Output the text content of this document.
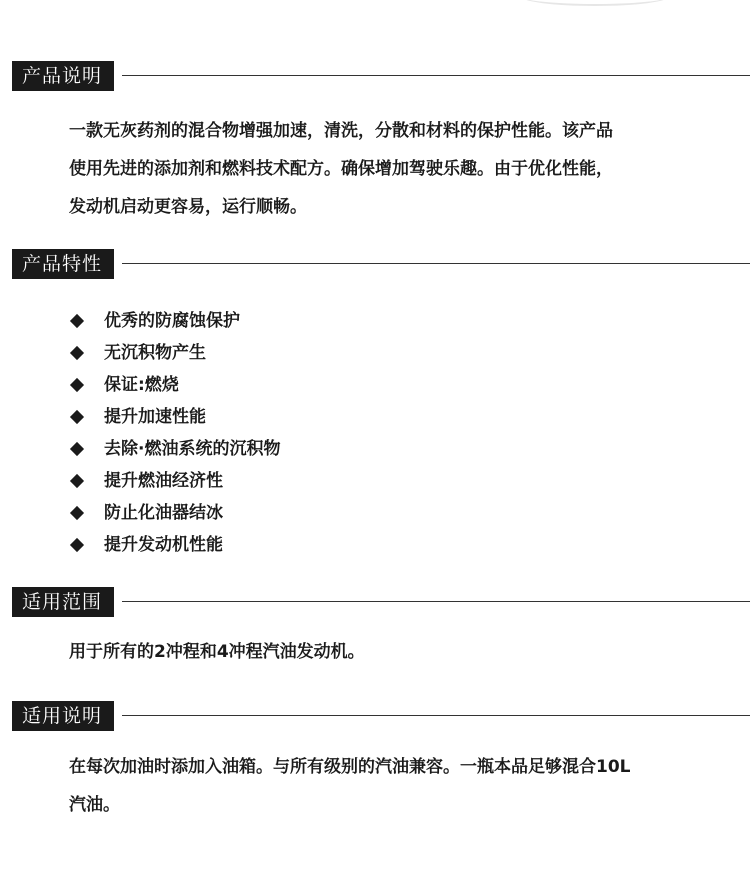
产品说明
一款无灰药剂的混合物增强加速，清洗，分散和材料的保护性能。该产品
使用先进的添加剂和燃料技术配方。确保增加驾驶乐趣。由于优化性能，
发动机启动更容易，运行顺畅。
产品特性
优秀的防腐蚀保护
无沉积物产生
保证:燃烧
提升加速性能
去除·燃油系统的沉积物
提升燃油经济性
防止化油器结冰
提升发动机性能
适用范围
用于所有的2冲程和4冲程汽油发动机。
适用说明
在每次加油时添加入油箱。与所有级别的汽油兼容。一瓶本品足够混合10L
汽油。
